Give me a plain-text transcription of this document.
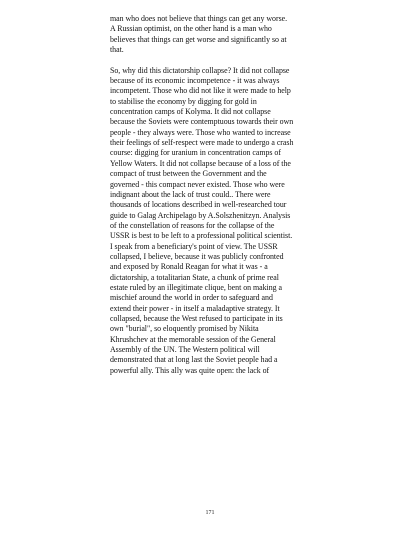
man who does not believe that things can get any worse.
A Russian optimist, on the other hand is a man who
believes that things can get worse and significantly so at
that.
So, why did this dictatorship collapse? It did not collapse
because of its economic incompetence - it was always
incompetent. Those who did not like it were made to help
to stabilise the economy by digging for gold in
concentration camps of Kolyma. It did not collapse
because the Soviets were contemptuous towards their own
people - they always were. Those who wanted to increase
their feelings of self-respect were made to undergo a crash
course: digging for uranium in concentration camps of
Yellow Waters. It did not collapse because of a loss of the
compact of trust between the Government and the
governed - this compact never existed. Those who were
indignant about the lack of trust could.. There were
thousands of locations described in well-researched tour
guide to Galag Archipelago by A.Solszhenitzyn. Analysis
of the constellation of reasons for the collapse of the
USSR is best to be left to a professional political scientist.
I speak from a beneficiary's point of view. The USSR
collapsed, I believe, because it was publicly confronted
and exposed by Ronald Reagan for what it was - a
dictatorship, a totalitarian State, a chunk of prime real
estate ruled by an illegitimate clique, bent on making a
mischief around the world in order to safeguard and
extend their power - in itself a maladaptive strategy. It
collapsed, because the West refused to participate in its
own "burial", so eloquently promised by Nikita
Khrushchev at the memorable session of the General
Assembly of the UN. The Western political will
demonstrated that at long last the Soviet people had a
powerful ally. This ally was quite open: the lack of
171
